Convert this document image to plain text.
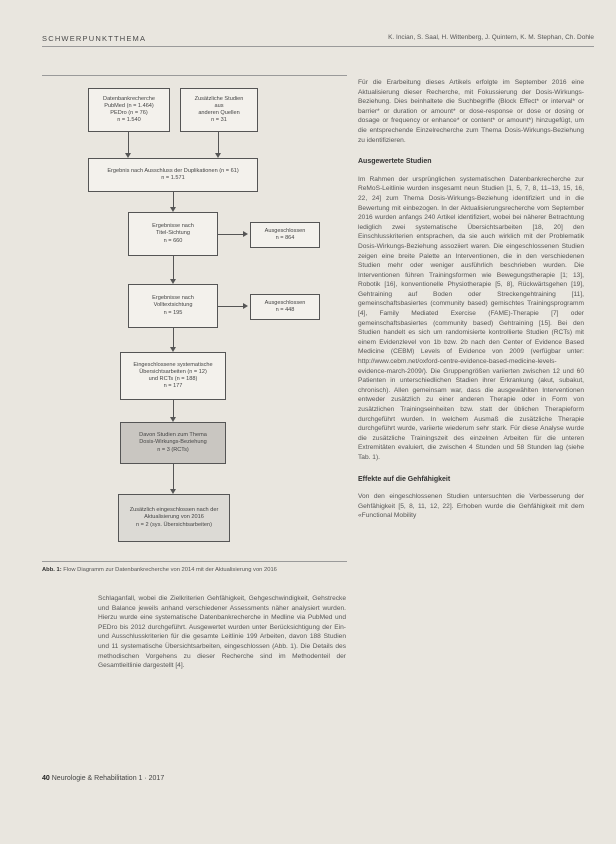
SCHWERPUNKTTHEMA	K. Incian, S. Saal, H. Wittenberg, J. Quintern, K. M. Stephan, Ch. Dohle
Datenbankrecherche
PubMed (n = 1.464)
PEDro (n = 76)
n = 1.540
Zusätzliche Studien
aus
anderen Quellen
n = 31
Ergebnis nach Ausschluss der Duplikationen (n = 61)
n = 1.571
Ergebnisse nach
Titel-Sichtung
n = 660
Ausgeschlossen
n = 864
Ergebnisse nach
Volltextsichtung
n = 195
Ausgeschlossen
n = 448
Eingeschlossene systematische
Übersichtsarbeiten (n = 12)
und RCTs (n = 188)
n = 177
Davon Studien zum Thema
Dosis-Wirkungs-Beziehung
n = 3 (RCTs)
Zusätzlich eingeschlossen nach der
Aktualisierung von 2016
n = 2 (sys. Übersichtsarbeiten)
Abb. 1: Flow Diagramm zur Datenbankrecherche von 2014 mit der Aktualisierung von 2016

Schlaganfall, wobei die Zielkriterien Gehfähigkeit, Gehgeschwindigkeit, Gehstrecke und Balance jeweils anhand verschiedener Assessments näher analysiert wurden. Hierzu wurde eine systematische Datenbankrecherche in Medline via PubMed und PEDro bis 2012 durchgeführt. Ausgewertet wurden unter Berücksichtigung der Ein- und Ausschlusskriterien für die gesamte Leitlinie 199 Arbeiten, davon 188 Studien und 11 systematische Übersichtsarbeiten, eingeschlossen (Abb. 1). Die Details des methodischen Vorgehens zu dieser Recherche sind im Methodenteil der Gesamtleitlinie dargestellt [4].

Für die Erarbeitung dieses Artikels erfolgte im September 2016 eine Aktualisierung dieser Recherche, mit Fokussierung der Dosis-Wirkungs-Beziehung. Dies beinhaltete die Suchbegriffe (Block Effect* or interval* or barrier* or duration or amount* or dose-response or dose or dosing or dosage or frequency or enhance* or content* or amount*) hinzugefügt, um die entsprechende Einzelrecherche zum Thema Dosis-Wirkungs-Beziehung zu identifizieren.

Ausgewertete Studien

Im Rahmen der ursprünglichen systematischen Datenbankrecherche zur ReMoS-Leitlinie wurden insgesamt neun Studien [1, 5, 7, 8, 11–13, 15, 16, 22, 24] zum Thema Dosis-Wirkungs-Beziehung identifiziert und in die Bewertung mit einbezogen. In der Aktualisierungsrecherche vom September 2016 wurden anfangs 240 Artikel identifiziert, wobei bei näherer Betrachtung lediglich zwei systematische Übersichtsarbeiten [18, 20] den Einschlusskriterien entsprachen, da sie auch wirklich mit der Problematik Dosis-Wirkungs-Beziehung assoziiert waren. Die eingeschlossenen Studien zeigen eine breite Palette an Interventionen, die in den verschiedenen Studien mehr oder weniger ausführlich beschrieben wurden. Die Interventionen führen Trainingsformen wie Bewegungstherapie [1; 13], Robotik [16], konventionelle Physiotherapie [5, 8], Rückwärtsgehen [19], Gehtraining auf Boden oder Streckengehtraining [11], gemeinschaftsbasiertes (community based) gemischtes Trainingsprogramm [4], Family Mediated Exercise (FAME)-Therapie [7] oder gemeinschaftsbasiertes (community based) Gehtraining [15]. Bei den Studien handelt es sich um randomisierte kontrollierte Studien (RCTs) mit einem Evidenzlevel von 1b bzw. 2b nach den Center of Evidence Based Medicine (CEBM) Levels of Evidence von 2009 (verfügbar unter: http://www.cebm.net/oxford-centre-evidence-based-medicine-levels-evidence-march-2009/). Die Gruppengrößen variierten zwischen 12 und 60 Patienten in unterschiedlichen Stadien ihrer Erkrankung (akut, subakut, chronisch). Allen gemeinsam war, dass die ausgewählten Interventionen entweder zusätzlich zu einer anderen Therapie oder in Form von zusätzlichen Trainingseinheiten bzw. statt der üblichen Therapieform durchgeführt wurden. In welchem Ausmaß die zusätzliche Therapie durchgeführt wurde, variierte wiederum sehr stark. Für diese Analyse wurde die zusätzliche Trainingszeit des einzelnen Arbeiten für die unteren Extremitäten evaluiert, die zwischen 4 Stunden und 58 Stunden lag (siehe Tab. 1).

Effekte auf die Gehfähigkeit

Von den eingeschlossenen Studien untersuchten die Verbesserung der Gehfähigkeit [5, 8, 11, 12, 22]. Erhoben wurde die Gehfähigkeit mit dem «Functional Mobility

40 Neurologie & Rehabilitation 1 · 2017
